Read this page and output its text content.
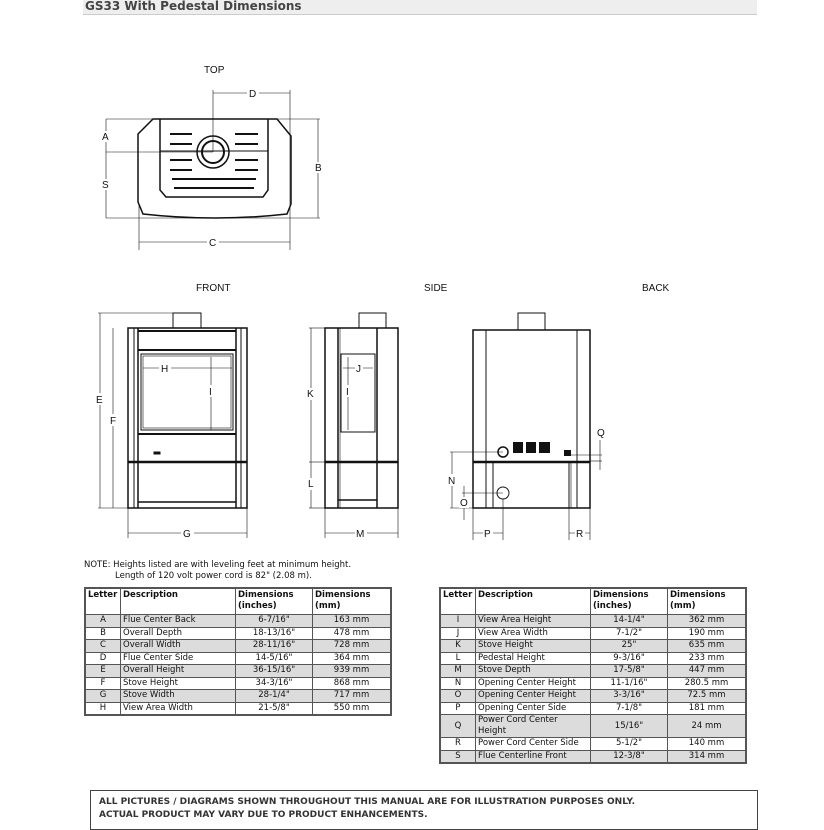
GS33 With Pedestal Dimensions
TOP
D
A
S
B
C
FRONT
E
F
G
H
I
SIDE
K
L
M
J
I
BACK
Q
N
O
P	R
NOTE: Heights listed are with leveling feet at minimum height.
Length of 120 volt power cord is 82" (2.08 m).
Letter	Description	Dimensions (inches)	Dimensions (mm)
A	Flue Center Back	6-7/16"	163 mm
B	Overall Depth	18-13/16"	478 mm
C	Overall Width	28-11/16"	728 mm
D	Flue Center Side	14-5/16"	364 mm
E	Overall Height	36-15/16"	939 mm
F	Stove Height	34-3/16"	868 mm
G	Stove Width	28-1/4"	717 mm
H	View Area Width	21-5/8"	550 mm
Letter	Description	Dimensions (inches)	Dimensions (mm)
I	View Area Height	14-1/4"	362 mm
J	View Area Width	7-1/2"	190 mm
K	Stove Height	25"	635 mm
L	Pedestal Height	9-3/16"	233 mm
M	Stove Depth	17-5/8"	447 mm
N	Opening Center Height	11-1/16"	280.5 mm
O	Opening Center Height	3-3/16"	72.5 mm
P	Opening Center Side	7-1/8"	181 mm
Q	Power Cord Center Height	15/16"	24 mm
R	Power Cord Center Side	5-1/2"	140 mm
S	Flue Centerline Front	12-3/8"	314 mm
ALL PICTURES / DIAGRAMS SHOWN THROUGHOUT THIS MANUAL ARE FOR ILLUSTRATION PURPOSES ONLY.
ACTUAL PRODUCT MAY VARY DUE TO PRODUCT ENHANCEMENTS.
